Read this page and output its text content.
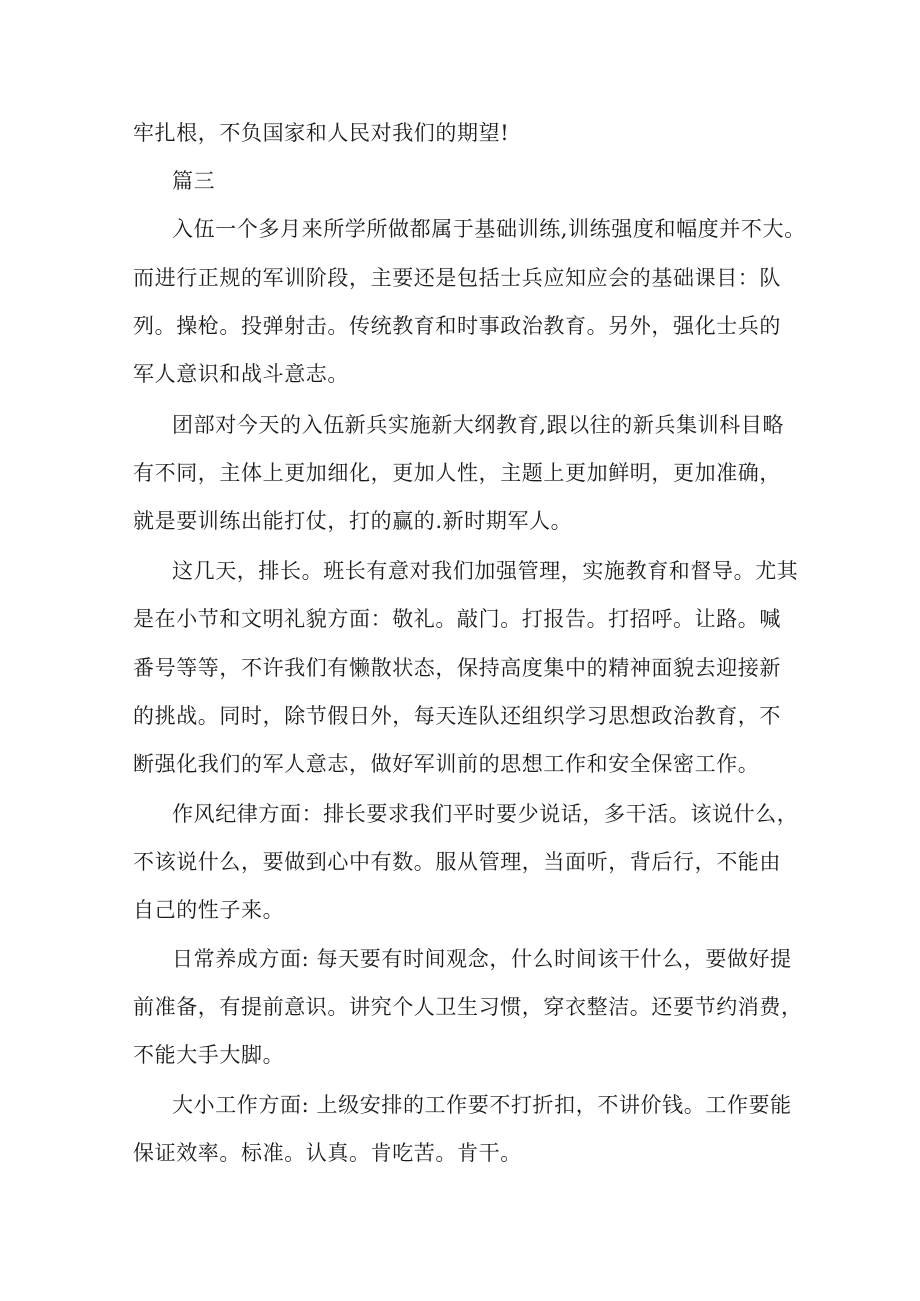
牢扎根，不负国家和人民对我们的期望!
篇三
入伍一个多月来所学所做都属于基础训练,训练强度和幅度并不大。
而进行正规的军训阶段，主要还是包括士兵应知应会的基础课目：队
列。操枪。投弹射击。传统教育和时事政治教育。另外，强化士兵的
军人意识和战斗意志。
团部对今天的入伍新兵实施新大纲教育,跟以往的新兵集训科目略
有不同，主体上更加细化，更加人性，主题上更加鲜明，更加准确，
就是要训练出能打仗，打的赢的.新时期军人。
这几天，排长。班长有意对我们加强管理，实施教育和督导。尤其
是在小节和文明礼貌方面：敬礼。敲门。打报告。打招呼。让路。喊
番号等等，不许我们有懒散状态，保持高度集中的精神面貌去迎接新
的挑战。同时，除节假日外，每天连队还组织学习思想政治教育，不
断强化我们的军人意志，做好军训前的思想工作和安全保密工作。
作风纪律方面：排长要求我们平时要少说话，多干活。该说什么，
不该说什么，要做到心中有数。服从管理，当面听，背后行，不能由
自己的性子来。
日常养成方面: 每天要有时间观念，什么时间该干什么，要做好提
前准备，有提前意识。讲究个人卫生习惯，穿衣整洁。还要节约消费，
不能大手大脚。
大小工作方面: 上级安排的工作要不打折扣，不讲价钱。工作要能
保证效率。标准。认真。肯吃苦。肯干。
